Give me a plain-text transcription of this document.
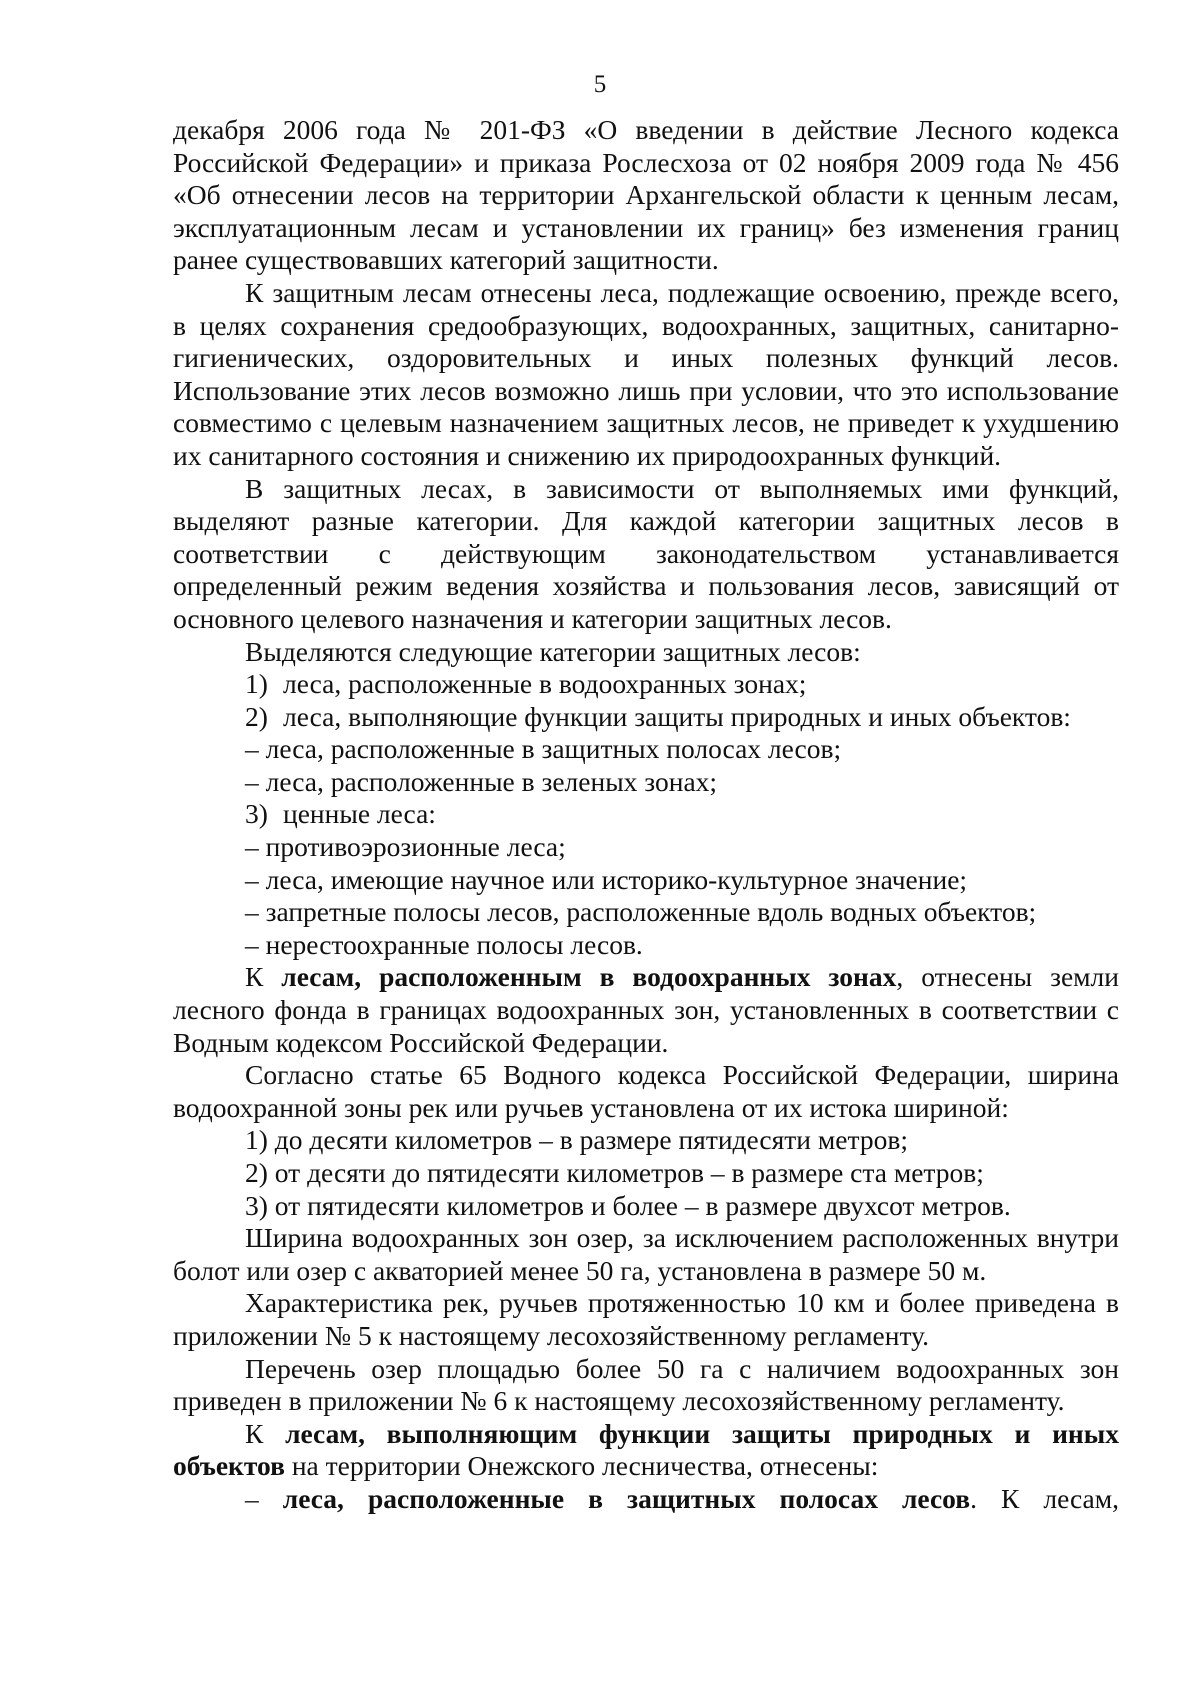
5

декабря 2006 года № 201-ФЗ «О введении в действие Лесного кодекса Российской Федерации» и приказа Рослесхоза от 02 ноября 2009 года № 456 «Об отнесении лесов на территории Архангельской области к ценным лесам, эксплуатационным лесам и установлении их границ» без изменения границ ранее существовавших категорий защитности.

К защитным лесам отнесены леса, подлежащие освоению, прежде всего, в целях сохранения средообразующих, водоохранных, защитных, санитарно-гигиенических, оздоровительных и иных полезных функций лесов. Использование этих лесов возможно лишь при условии, что это использование совместимо с целевым назначением защитных лесов, не приведет к ухудшению их санитарного состояния и снижению их природоохранных функций.

В защитных лесах, в зависимости от выполняемых ими функций, выделяют разные категории. Для каждой категории защитных лесов в соответствии с действующим законодательством устанавливается определенный режим ведения хозяйства и пользования лесов, зависящий от основного целевого назначения и категории защитных лесов.

Выделяются следующие категории защитных лесов:

1) леса, расположенные в водоохранных зонах;

2) леса, выполняющие функции защиты природных и иных объектов:

– леса, расположенные в защитных полосах лесов;

– леса, расположенные в зеленых зонах;

3) ценные леса:

– противоэрозионные леса;

– леса, имеющие научное или историко-культурное значение;

– запретные полосы лесов, расположенные вдоль водных объектов;

– нерестоохранные полосы лесов.

К лесам, расположенным в водоохранных зонах, отнесены земли лесного фонда в границах водоохранных зон, установленных в соответствии с Водным кодексом Российской Федерации.

Согласно статье 65 Водного кодекса Российской Федерации, ширина водоохранной зоны рек или ручьев установлена от их истока шириной:

1) до десяти километров – в размере пятидесяти метров;

2) от десяти до пятидесяти километров – в размере ста метров;

3) от пятидесяти километров и более – в размере двухсот метров.

Ширина водоохранных зон озер, за исключением расположенных внутри болот или озер с акваторией менее 50 га, установлена в размере 50 м.

Характеристика рек, ручьев протяженностью 10 км и более приведена в приложении № 5 к настоящему лесохозяйственному регламенту.

Перечень озер площадью более 50 га с наличием водоохранных зон приведен в приложении № 6 к настоящему лесохозяйственному регламенту.

К лесам, выполняющим функции защиты природных и иных объектов на территории Онежского лесничества, отнесены:

– леса, расположенные в защитных полосах лесов. К лесам,
